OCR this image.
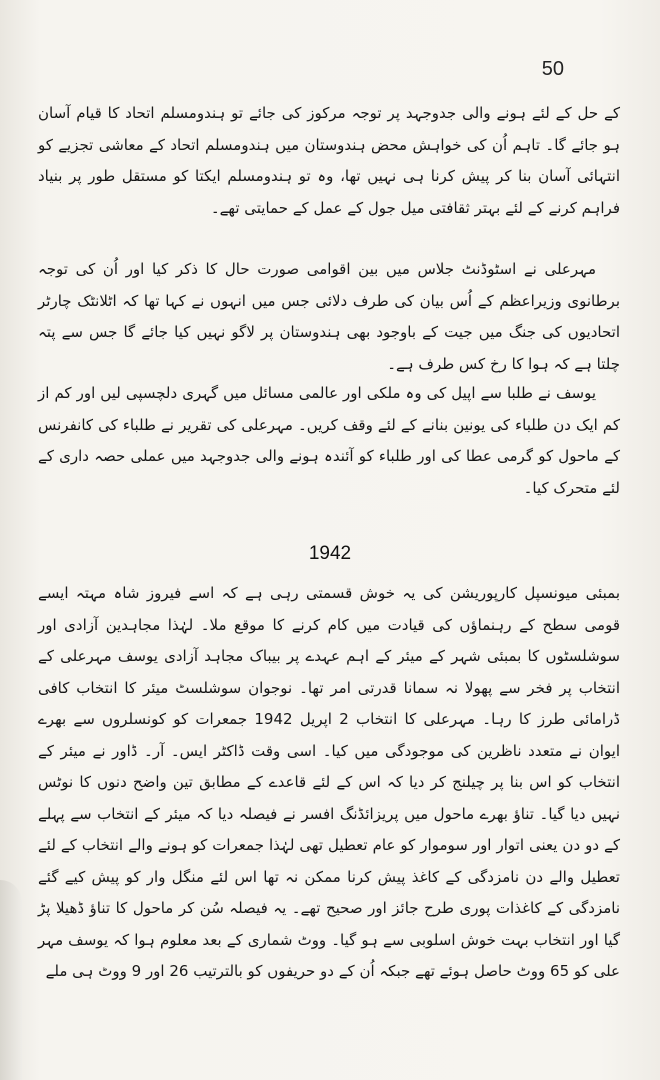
50

کے حل کے لئے ہونے والی جدوجہد پر توجہ مرکوز کی جائے تو ہندومسلم اتحاد کا قیام آسان ہو جائے گا۔ تاہم اُن کی خواہش محض ہندوستان میں ہندومسلم اتحاد کے معاشی تجزیے کو انتہائی آسان بنا کر پیش کرنا ہی نہیں تھا، وہ تو ہندومسلم ایکتا کو مستقل طور پر بنیاد فراہم کرنے کے لئے بہتر ثقافتی میل جول کے عمل کے حمایتی تھے۔

مہرعلی نے اسٹوڈنٹ جلاس میں بین اقوامی صورت حال کا ذکر کیا اور اُن کی توجہ برطانوی وزیراعظم کے اُس بیان کی طرف دلائی جس میں انہوں نے کہا تھا کہ اٹلانٹک چارٹر اتحادیوں کی جنگ میں جیت کے باوجود بھی ہندوستان پر لاگو نہیں کیا جائے گا جس سے پتہ چلتا ہے کہ ہوا کا رخ کس طرف ہے۔

یوسف نے طلبا سے اپیل کی وہ ملکی اور عالمی مسائل میں گہری دلچسپی لیں اور کم از کم ایک دن طلباء کی یونین بنانے کے لئے وقف کریں۔ مہرعلی کی تقریر نے طلباء کی کانفرنس کے ماحول کو گرمی عطا کی اور طلباء کو آئندہ ہونے والی جدوجہد میں عملی حصہ داری کے لئے متحرک کیا۔

1942

بمبئی میونسپل کارپوریشن کی یہ خوش قسمتی رہی ہے کہ اسے فیروز شاہ مہتہ ایسے قومی سطح کے رہنماؤں کی قیادت میں کام کرنے کا موقع ملا۔ لہٰذا مجاہدین آزادی اور سوشلسٹوں کا بمبئی شہر کے میئر کے اہم عہدے پر بیباک مجاہد آزادی یوسف مہرعلی کے انتخاب پر فخر سے پھولا نہ سمانا قدرتی امر تھا۔ نوجوان سوشلسٹ میئر کا انتخاب کافی ڈرامائی طرز کا رہا۔ مہرعلی کا انتخاب 2 اپریل 1942 جمعرات کو کونسلروں سے بھرے ایوان نے متعدد ناظرین کی موجودگی میں کیا۔ اسی وقت ڈاکٹر ایس۔ آر۔ ڈاور نے میئر کے انتخاب کو اس بنا پر چیلنج کر دیا کہ اس کے لئے قاعدے کے مطابق تین واضح دنوں کا نوٹس نہیں دیا گیا۔ تناؤ بھرے ماحول میں پریزائڈنگ افسر نے فیصلہ دیا کہ میئر کے انتخاب سے پہلے کے دو دن یعنی اتوار اور سوموار کو عام تعطیل تھی لہٰذا جمعرات کو ہونے والے انتخاب کے لئے تعطیل والے دن نامزدگی کے کاغذ پیش کرنا ممکن نہ تھا اس لئے منگل وار کو پیش کیے گئے نامزدگی کے کاغذات پوری طرح جائز اور صحیح تھے۔ یہ فیصلہ سُن کر ماحول کا تناؤ ڈھیلا پڑ گیا اور انتخاب بہت خوش اسلوبی سے ہو گیا۔ ووٹ شماری کے بعد معلوم ہوا کہ یوسف مہر علی کو 65 ووٹ حاصل ہوئے تھے جبکہ اُن کے دو حریفوں کو بالترتیب 26 اور 9 ووٹ ہی ملے
